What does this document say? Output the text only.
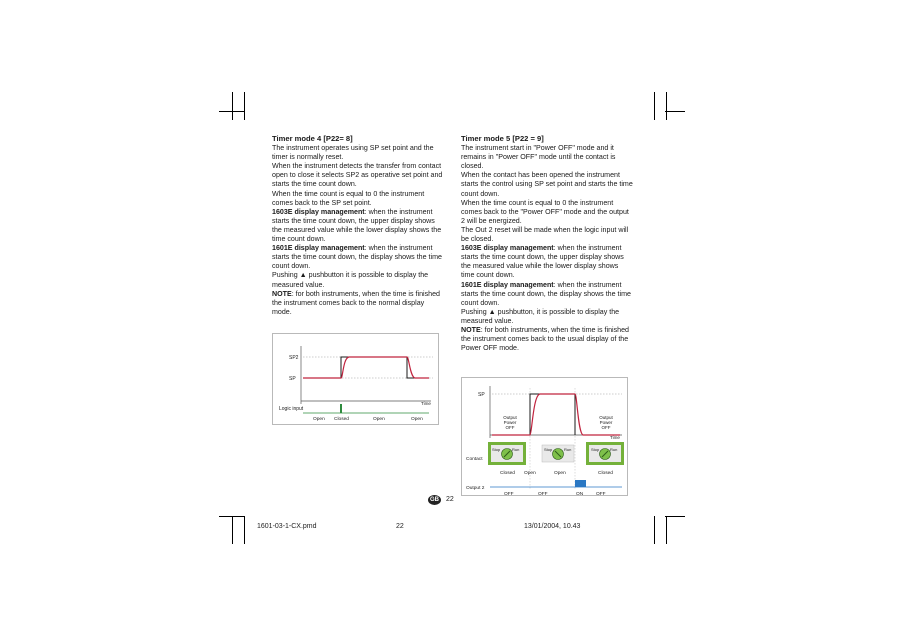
Timer mode 4 [P22= 8]

The instrument operates using SP set point and the timer is normally reset.

When the instrument detects the transfer from contact open to close it selects SP2 as operative set point and starts the time count down.

When the time count is equal to 0 the instrument comes back to the SP set point.

1603E display management: when the instrument starts the time count down, the upper display shows the measured value while the lower display shows the time count down.

1601E display management: when the instrument starts the time count down, the display shows the time count down.

Pushing ▲ pushbutton it is possible to display the measured value.

NOTE: for both instruments, when the time is finished the instrument comes back to the normal display mode.

Timer mode 5 [P22 = 9]

The instrument start in "Power OFF" mode and it remains in "Power OFF" mode until the contact is closed.

When the contact has been opened the instrument starts the control using SP set point and starts the time count down.

When the time count is equal to 0 the instrument comes back to the "Power OFF" mode and the output 2 will be energized.

The Out 2 reset will be made when the logic input will be closed.

1603E display management: when the instrument starts the time count down, the upper display shows the measured value while the lower display shows time count down.

1601E display management: when the instrument starts the time count down, the display shows the time count down.

Pushing ▲ pushbutton, it is possible to display the measured value.

NOTE: for both instruments, when the time is finished the instrument comes back to the usual display of the Power OFF mode.

SP2
SP
Time
Logic input
Open Closed	Open	Open
SP
Output
Power
OFF
Output
Power
OFF
Time
Contact
Stop	Run	Stop	Run	Stop	Run
Closed Open	Open	Closed
Output 2
OFF	OFF	ON	OFF
GB 22
1601-03-1-CX.pmd	22	13/01/2004, 10.43
